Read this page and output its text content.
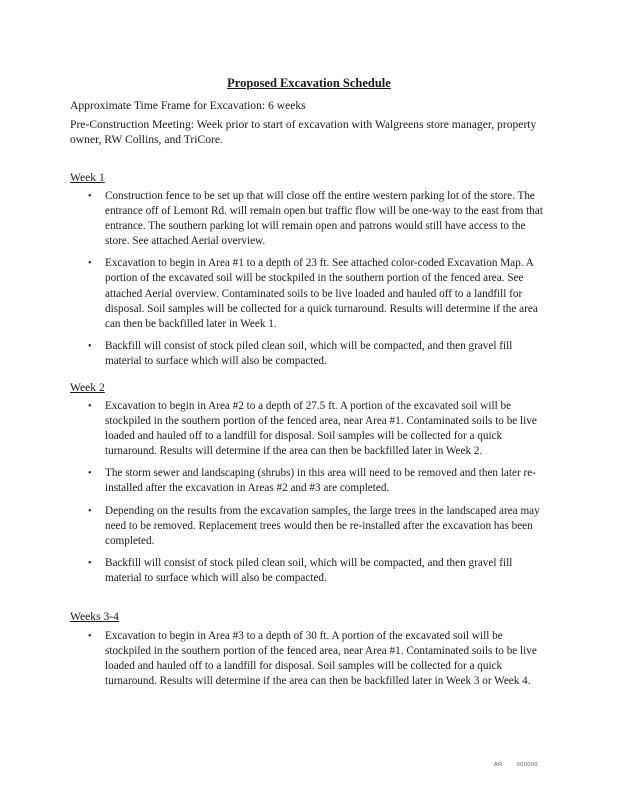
Proposed Excavation Schedule

Approximate Time Frame for Excavation: 6 weeks

Pre-Construction Meeting: Week prior to start of excavation with Walgreens store manager, property owner, RW Collins, and TriCore.

Week 1
• Construction fence to be set up that will close off the entire western parking lot of the store. The entrance off of Lemont Rd. will remain open but traffic flow will be one-way to the east from that entrance. The southern parking lot will remain open and patrons would still have access to the store. See attached Aerial overview.
• Excavation to begin in Area #1 to a depth of 23 ft. See attached color-coded Excavation Map. A portion of the excavated soil will be stockpiled in the southern portion of the fenced area. See attached Aerial overview. Contaminated soils to be live loaded and hauled off to a landfill for disposal. Soil samples will be collected for a quick turnaround. Results will determine if the area can then be backfilled later in Week 1.
• Backfill will consist of stock piled clean soil, which will be compacted, and then gravel fill material to surface which will also be compacted.
Week 2
• Excavation to begin in Area #2 to a depth of 27.5 ft. A portion of the excavated soil will be stockpiled in the southern portion of the fenced area, near Area #1. Contaminated soils to be live loaded and hauled off to a landfill for disposal. Soil samples will be collected for a quick turnaround. Results will determine if the area can then be backfilled later in Week 2.
• The storm sewer and landscaping (shrubs) in this area will need to be removed and then later re-installed after the excavation in Areas #2 and #3 are completed.
• Depending on the results from the excavation samples, the large trees in the landscaped area may need to be removed. Replacement trees would then be re-installed after the excavation has been completed.
• Backfill will consist of stock piled clean soil, which will be compacted, and then gravel fill material to surface which will also be compacted.
Weeks 3-4
• Excavation to begin in Area #3 to a depth of 30 ft. A portion of the excavated soil will be stockpiled in the southern portion of the fenced area, near Area #1. Contaminated soils to be live loaded and hauled off to a landfill for disposal. Soil samples will be collected for a quick turnaround. Results will determine if the area can then be backfilled later in Week 3 or Week 4.
AR	000000
